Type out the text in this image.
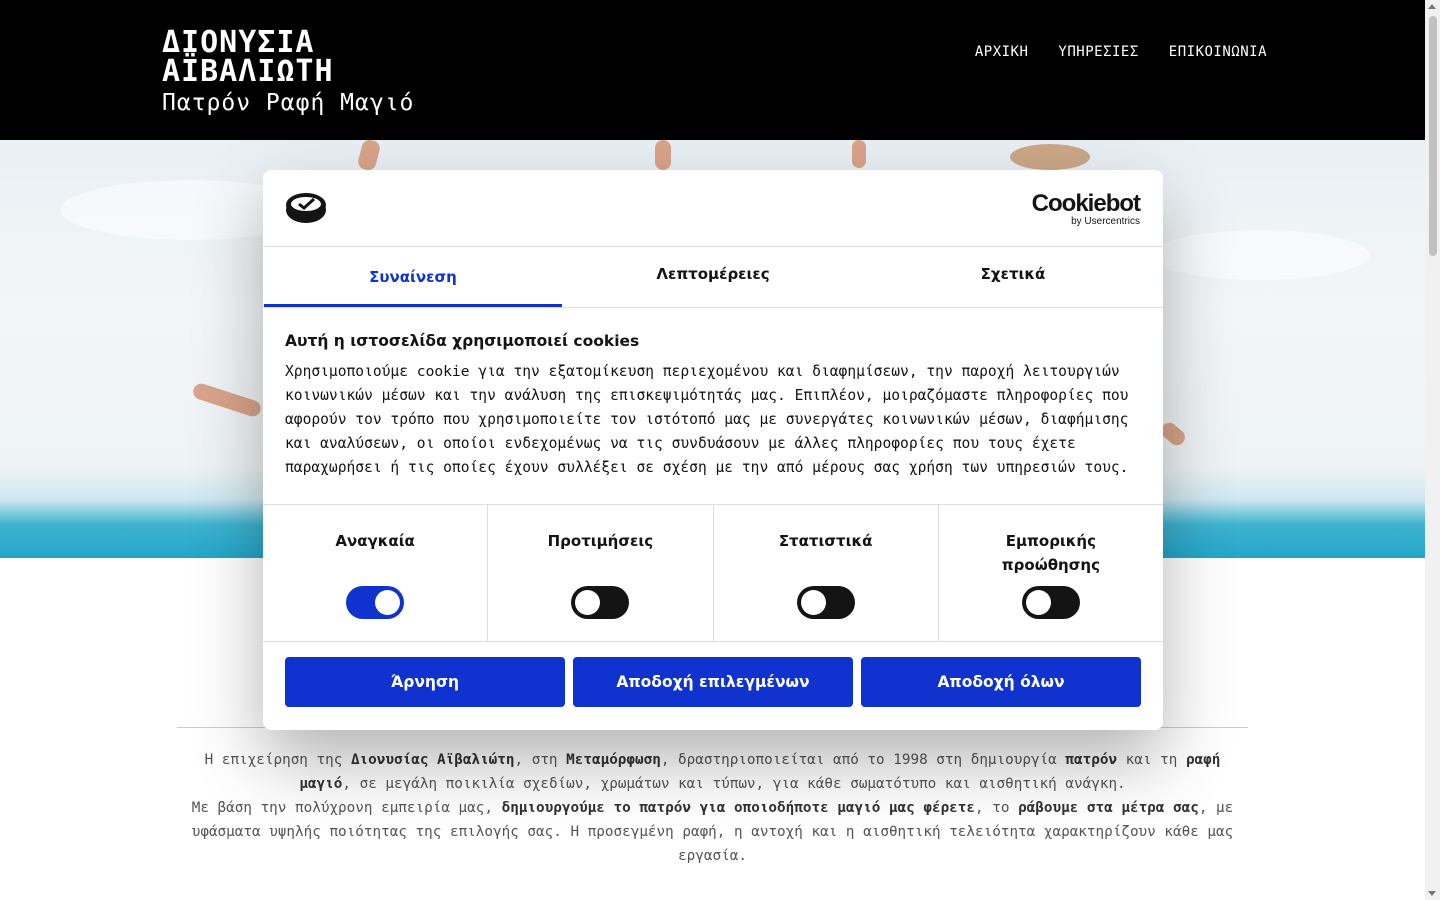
ΔΙΟΝΥΣΙΑ
ΑΪΒΑΛΙΩΤΗ
Πατρόν Ραφή Μαγιό
ΑΡΧΙΚΗ ΥΠΗΡΕΣΙΕΣ ΕΠΙΚΟΙΝΩΝΙΑ
Η επιχείρηση της Διονυσίας Αϊβαλιώτη, στη Μεταμόρφωση, δραστηριοποιείται από το 1998 στη δημιουργία πατρόν και τη ραφή μαγιό, σε μεγάλη ποικιλία σχεδίων, χρωμάτων και τύπων, για κάθε σωματότυπο και αισθητική ανάγκη.
Με βάση την πολύχρονη εμπειρία μας, δημιουργούμε το πατρόν για οποιοδήποτε μαγιό μας φέρετε, το ράβουμε στα μέτρα σας, με υφάσματα υψηλής ποιότητας της επιλογής σας. Η προσεγμένη ραφή, η αντοχή και η αισθητική τελειότητα χαρακτηρίζουν κάθε μας εργασία.
Cookiebot
by Usercentrics
Συναίνεση	Λεπτομέρειες	Σχετικά
Αυτή η ιστοσελίδα χρησιμοποιεί cookies
Χρησιμοποιούμε cookie για την εξατομίκευση περιεχομένου και διαφημίσεων, την παροχή λειτουργιών κοινωνικών μέσων και την ανάλυση της επισκεψιμότητάς μας. Επιπλέον, μοιραζόμαστε πληροφορίες που αφορούν τον τρόπο που χρησιμοποιείτε τον ιστότοπό μας με συνεργάτες κοινωνικών μέσων, διαφήμισης και αναλύσεων, οι οποίοι ενδεχομένως να τις συνδυάσουν με άλλες πληροφορίες που τους έχετε παραχωρήσει ή τις οποίες έχουν συλλέξει σε σχέση με την από μέρους σας χρήση των υπηρεσιών τους.
Αναγκαία	Προτιμήσεις	Στατιστικά	Εμπορικής προώθησης
Άρνηση	Αποδοχή επιλεγμένων	Αποδοχή όλων
